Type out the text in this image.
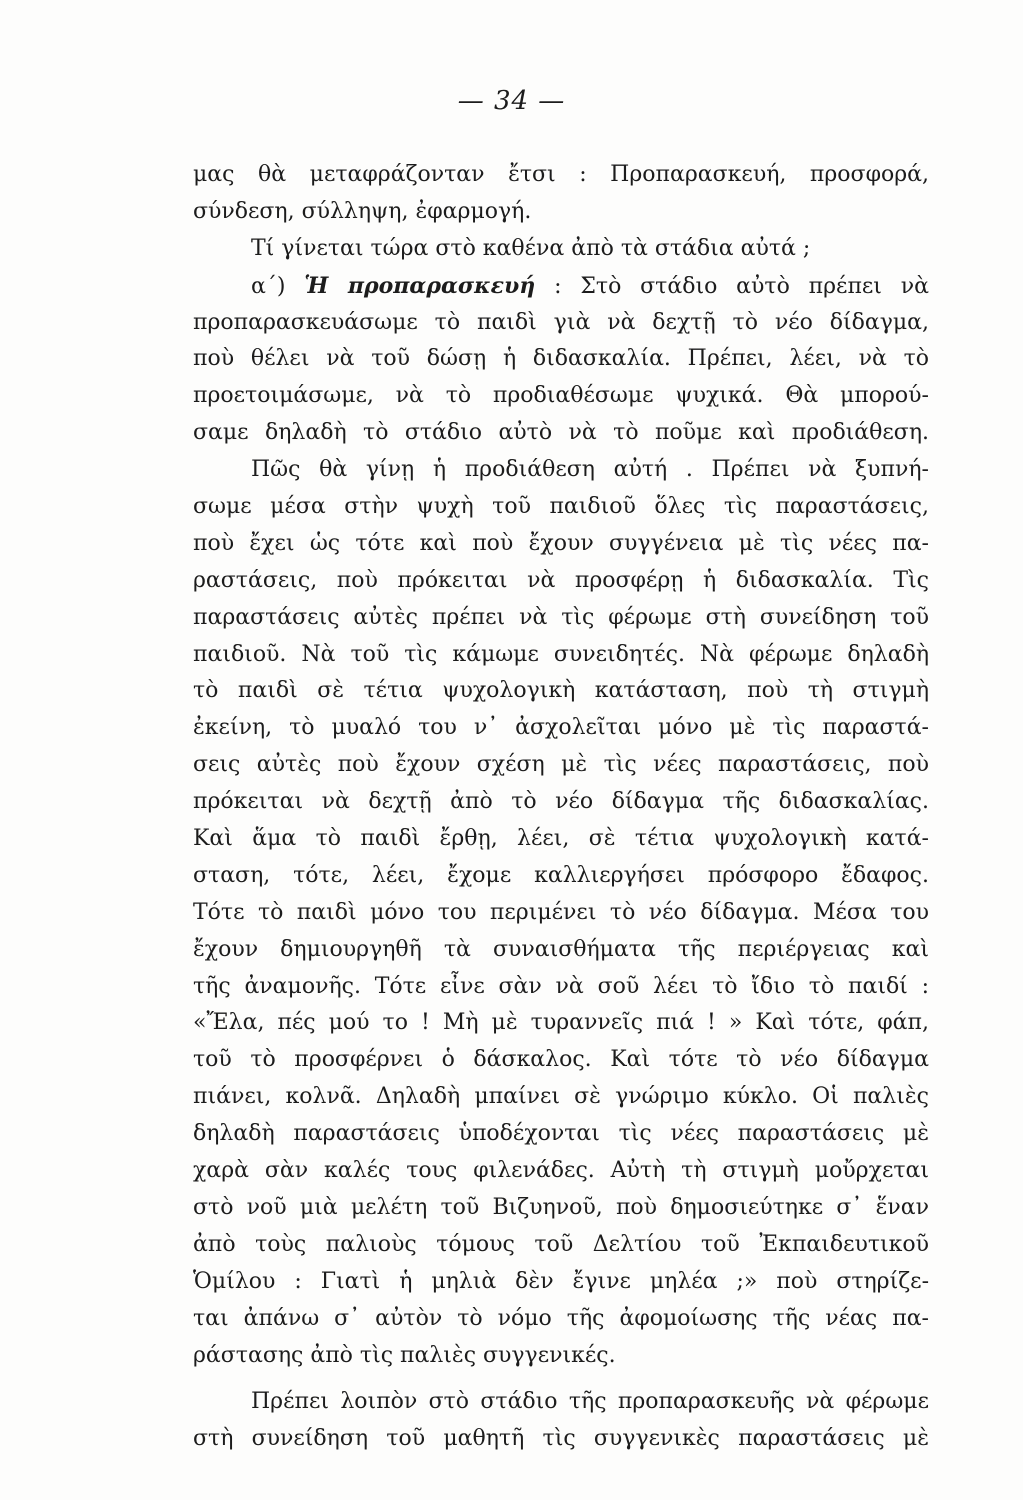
— 34 —
μας θὰ μεταφράζονταν ἔτσι : Προπαρασκευή, προσφορά,
σύνδεση, σύλληψη, ἐφαρμογή.
Τί γίνεται τώρα στὸ καθένα ἀπὸ τὰ στάδια αὐτά ;
α΄) Ἡ προπαρασκευή : Στὸ στάδιο αὐτὸ πρέπει νὰ
προπαρασκευάσωμε τὸ παιδὶ γιὰ νὰ δεχτῇ τὸ νέο δίδαγμα,
ποὺ θέλει νὰ τοῦ δώσῃ ἡ διδασκαλία. Πρέπει, λέει, νὰ τὸ
προετοιμάσωμε, νὰ τὸ προδιαθέσωμε ψυχικά. Θὰ μπορού-
σαμε δηλαδὴ τὸ στάδιο αὐτὸ νὰ τὸ ποῦμε καὶ προδιάθεση.
Πῶς θὰ γίνῃ ἡ προδιάθεση αὐτή . Πρέπει νὰ ξυπνή-
σωμε μέσα στὴν ψυχὴ τοῦ παιδιοῦ ὅλες τὶς παραστάσεις,
ποὺ ἔχει ὡς τότε καὶ ποὺ ἔχουν συγγένεια μὲ τὶς νέες πα-
ραστάσεις, ποὺ πρόκειται νὰ προσφέρῃ ἡ διδασκαλία. Τὶς
παραστάσεις αὐτὲς πρέπει νὰ τὶς φέρωμε στὴ συνείδηση τοῦ
παιδιοῦ. Νὰ τοῦ τὶς κάμωμε συνειδητές. Νὰ φέρωμε δηλαδὴ
τὸ παιδὶ σὲ τέτια ψυχολογικὴ κατάσταση, ποὺ τὴ στιγμὴ
ἐκείνη, τὸ μυαλό του ν᾿ ἀσχολεῖται μόνο μὲ τὶς παραστά-
σεις αὐτὲς ποὺ ἔχουν σχέση μὲ τὶς νέες παραστάσεις, ποὺ
πρόκειται νὰ δεχτῇ ἀπὸ τὸ νέο δίδαγμα τῆς διδασκαλίας.
Καὶ ἅμα τὸ παιδὶ ἔρθῃ, λέει, σὲ τέτια ψυχολογικὴ κατά-
σταση, τότε, λέει, ἔχομε καλλιεργήσει πρόσφορο ἔδαφος.
Τότε τὸ παιδὶ μόνο του περιμένει τὸ νέο δίδαγμα. Μέσα του
ἔχουν δημιουργηθῆ τὰ συναισθήματα τῆς περιέργειας καὶ
τῆς ἀναμονῆς. Τότε εἶνε σὰν νὰ σοῦ λέει τὸ ἴδιο τὸ παιδί :
«Ἔλα, πές μού το ! Μὴ μὲ τυραννεῖς πιά ! » Καὶ τότε, φάπ,
τοῦ τὸ προσφέρνει ὁ δάσκαλος. Καὶ τότε τὸ νέο δίδαγμα
πιάνει, κολνᾶ. Δηλαδὴ μπαίνει σὲ γνώριμο κύκλο. Οἱ παλιὲς
δηλαδὴ παραστάσεις ὑποδέχονται τὶς νέες παραστάσεις μὲ
χαρὰ σὰν καλές τους φιλενάδες. Αὐτὴ τὴ στιγμὴ μοὔρχεται
στὸ νοῦ μιὰ μελέτη τοῦ Βιζυηνοῦ, ποὺ δημοσιεύτηκε σ᾿ ἕναν
ἀπὸ τοὺς παλιοὺς τόμους τοῦ Δελτίου τοῦ Ἐκπαιδευτικοῦ
Ὁμίλου : Γιατὶ ἡ μηλιὰ δὲν ἔγινε μηλέα ;» ποὺ στηρίζε-
ται ἀπάνω σ᾿ αὐτὸν τὸ νόμο τῆς ἀφομοίωσης τῆς νέας πα-
ράστασης ἀπὸ τὶς παλιὲς συγγενικές.
Πρέπει λοιπὸν στὸ στάδιο τῆς προπαρασκευῆς νὰ φέρωμε
στὴ συνείδηση τοῦ μαθητῆ τὶς συγγενικὲς παραστάσεις μὲ
